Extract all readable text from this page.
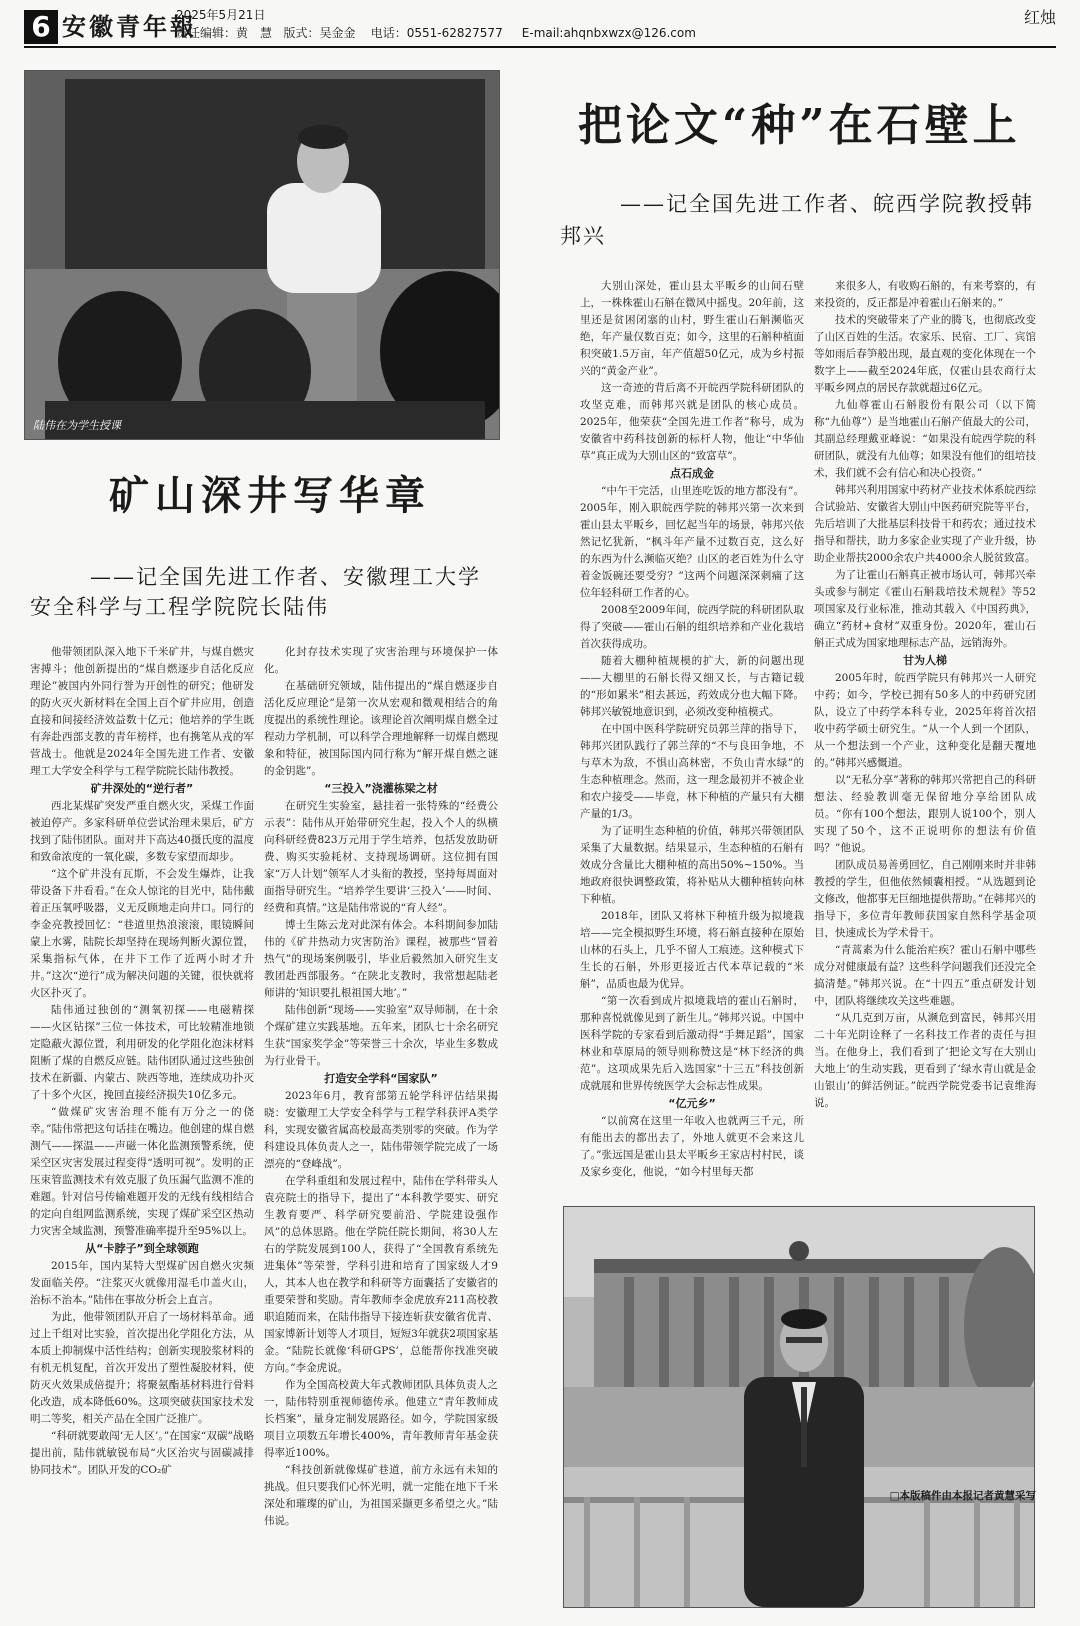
6 安徽青年報
2025年5月21日
责任编辑：黄　慧 版式：吴金金 电话：0551-62827577 E-mail:ahqnbxwzx@126.com
红烛
陆伟在为学生授课
矿山深井写华章
——记全国先进工作者、安徽理工大学安全科学与工程学院院长陆伟

他带领团队深入地下千米矿井，与煤自燃灾害搏斗；他创新提出的“煤自燃逐步自活化反应理论”被国内外同行誉为开创性的研究；他研发的防火灭火新材料在全国上百个矿井应用，创造直接和间接经济效益数十亿元；他培养的学生既有奔赴西部支教的青年榜样，也有携笔从戎的军营战士。他就是2024年全国先进工作者、安徽理工大学安全科学与工程学院院长陆伟教授。

矿井深处的“逆行者”

西北某煤矿突发严重自燃火灾，采煤工作面被迫停产。多家科研单位尝试治理未果后，矿方找到了陆伟团队。面对井下高达40摄氏度的温度和致命浓度的一氧化碳，多数专家望而却步。

“这个矿井没有瓦斯，不会发生爆炸，让我带设备下井看看。”在众人惊诧的目光中，陆伟戴着正压氧呼吸器，义无反顾地走向井口。同行的李金亮教授回忆：“巷道里热浪滚滚，眼镜瞬间蒙上水雾，陆院长却坚持在现场判断火源位置，采集指标气体，在井下工作了近两小时才升井。”这次“逆行”成为解决问题的关键，很快就将火区扑灭了。

陆伟通过独创的“测氧初探——电磁精探——火区钻探”三位一体技术，可比较精准地锁定隐蔽火源位置，利用研发的化学阻化泡沫材料阻断了煤的自燃反应链。陆伟团队通过这些独创技术在新疆、内蒙古、陕西等地，连续成功扑灭了十多个火区，挽回直接经济损失10亿多元。

“做煤矿灾害治理不能有万分之一的侥幸。”陆伟常把这句话挂在嘴边。他创建的煤自燃测气——探温——声磁一体化监测预警系统，使采空区灾害发展过程变得“透明可视”。发明的正压束管监测技术有效克服了负压漏气监测不准的难题。针对信号传输难题开发的无线有线相结合的定向自组网监测系统，实现了煤矿采空区热动力灾害全域监测，预警准确率提升至95%以上。

从“卡脖子”到全球领跑

2015年，国内某特大型煤矿因自燃火灾频发面临关停。“注浆灭火就像用湿毛巾盖火山，治标不治本。”陆伟在事故分析会上直言。

为此，他带领团队开启了一场材料革命。通过上千组对比实验，首次提出化学阻化方法，从本质上抑制煤中活性结构；创新实现胶浆材料的有机无机复配，首次开发出了塑性凝胶材料，使防灭火效果成倍提升；将聚氨酯基材料进行骨料化改造，成本降低60%。这项突破获国家技术发明二等奖，相关产品在全国广泛推广。

“科研就要敢闯‘无人区’。”在国家“双碳”战略提出前，陆伟就敏锐布局“火区治灾与固碳减排协同技术”。团队开发的CO₂矿

化封存技术实现了灾害治理与环境保护一体化。

在基础研究领域，陆伟提出的“煤自燃逐步自活化反应理论”是第一次从宏观和微观相结合的角度提出的系统性理论。该理论首次阐明煤自燃全过程动力学机制，可以科学合理地解释一切煤自燃现象和特征，被国际国内同行称为“解开煤自燃之谜的金钥匙”。

“三投入”浇灌栋梁之材

在研究生实验室，悬挂着一张特殊的“经费公示表”：陆伟从开始带研究生起，投入个人的纵横向科研经费823万元用于学生培养，包括发放助研费、购买实验耗材、支持现场调研。这位拥有国家“万人计划”领军人才头衔的教授，坚持每周面对面指导研究生。“培养学生要讲‘三投入’——时间、经费和真情。”这是陆伟常说的“育人经”。

博士生陈云龙对此深有体会。本科期间参加陆伟的《矿井热动力灾害防治》课程，被那些“冒着热气”的现场案例吸引，毕业后毅然加入研究生支教团赴西部服务。“在陕北支教时，我常想起陆老师讲的‘知识要扎根祖国大地’。”

陆伟创新“现场——实验室”双导师制，在十余个煤矿建立实践基地。五年来，团队七十余名研究生获“国家奖学金”等荣誉三十余次，毕业生多数成为行业骨干。

打造安全学科“国家队”

2023年6月，教育部第五轮学科评估结果揭晓：安徽理工大学安全科学与工程学科获评A类学科，实现安徽省属高校最高类别零的突破。作为学科建设具体负责人之一，陆伟带领学院完成了一场漂亮的“登峰战”。

在学科重组和发展过程中，陆伟在学科带头人袁亮院士的指导下，提出了“本科教学要实、研究生教育要严、科学研究要前沿、学院建设强作风”的总体思路。他在学院任院长期间，将30人左右的学院发展到100人，获得了“全国教育系统先进集体”等荣誉，学科引进和培育了国家级人才9人，其本人也在教学和科研等方面囊括了安徽省的重要荣誉和奖励。青年教师李金虎放弃211高校教职追随而来，在陆伟指导下接连斩获安徽省优青、国家博新计划等人才项目，短短3年就获2项国家基金。“陆院长就像‘科研GPS’，总能帮你找准突破方向。”李金虎说。

作为全国高校黄大年式教师团队具体负责人之一，陆伟特别重视师德传承。他建立“青年教师成长档案”，量身定制发展路径。如今，学院国家级项目立项数五年增长400%，青年教师青年基金获得率近100%。

“科技创新就像煤矿巷道，前方永远有未知的挑战。但只要我们心怀光明，就一定能在地下千米深处和璀璨的矿山，为祖国采撷更多希望之火。”陆伟说。

把论文“种”在石壁上
——记全国先进工作者、皖西学院教授韩邦兴

大别山深处，霍山县太平畈乡的山间石壁上，一株株霍山石斛在微风中摇曳。20年前，这里还是贫困闭塞的山村，野生霍山石斛濒临灭绝，年产量仅数百克；如今，这里的石斛种植面积突破1.5万亩，年产值超50亿元，成为乡村振兴的“黄金产业”。

这一奇迹的背后离不开皖西学院科研团队的攻坚克难，而韩邦兴就是团队的核心成员。2025年，他荣获“全国先进工作者”称号，成为安徽省中药科技创新的标杆人物，他让“中华仙草”真正成为大别山区的“致富草”。

点石成金

“中午干完活，山里连吃饭的地方都没有”。2005年，刚入职皖西学院的韩邦兴第一次来到霍山县太平畈乡，回忆起当年的场景，韩邦兴依然记忆犹新，“枫斗年产量不过数百克，这么好的东西为什么濒临灭绝？山区的老百姓为什么守着金饭碗还要受穷？”这两个问题深深刺痛了这位年轻科研工作者的心。

2008至2009年间，皖西学院的科研团队取得了突破——霍山石斛的组织培养和产业化栽培首次获得成功。

随着大棚种植规模的扩大，新的问题出现——大棚里的石斛长得又细又长，与古籍记载的“形如累米”相去甚远，药效成分也大幅下降。韩邦兴敏锐地意识到，必须改变种植模式。

在中国中医科学院研究员郭兰萍的指导下，韩邦兴团队践行了郭兰萍的“不与良田争地，不与草木为敌，不惧山高林密，不负山青水绿”的生态种植理念。然而，这一理念最初并不被企业和农户接受——毕竟，林下种植的产量只有大棚产量的1/3。

为了证明生态种植的价值，韩邦兴带领团队采集了大量数据。结果显示，生态种植的石斛有效成分含量比大棚种植的高出50%~150%。当地政府很快调整政策，将补贴从大棚种植转向林下种植。

2018年，团队又将林下种植升级为拟境栽培——完全模拟野生环境，将石斛直接种在原始山林的石头上，几乎不留人工痕迹。这种模式下生长的石斛，外形更接近古代本草记载的“米斛”，品质也最为优异。

“第一次看到成片拟境栽培的霍山石斛时，那种喜悦就像见到了新生儿。”韩邦兴说。中国中医科学院的专家看到后激动得“手舞足蹈”，国家林业和草原局的领导则称赞这是“林下经济的典范”。这项成果先后入选国家“十三五”科技创新成就展和世界传统医学大会标志性成果。

“亿元乡”

“以前窝在这里一年收入也就两三千元，所有能出去的都出去了，外地人就更不会来这儿了。”张远国是霍山县太平畈乡王家店村村民，谈及家乡变化，他说，“如今村里每天都

来很多人，有收购石斛的，有来考察的，有来投资的，反正都是冲着霍山石斛来的。”

技术的突破带来了产业的腾飞，也彻底改变了山区百姓的生活。农家乐、民宿、工厂、宾馆等如雨后春笋般出现，最直观的变化体现在一个数字上——截至2024年底，仅霍山县农商行太平畈乡网点的居民存款就超过6亿元。

九仙尊霍山石斛股份有限公司（以下简称“九仙尊”）是当地霍山石斛产值最大的公司，其副总经理戴亚峰说：“如果没有皖西学院的科研团队，就没有九仙尊；如果没有他们的组培技术，我们就不会有信心和决心投资。”

韩邦兴利用国家中药材产业技术体系皖西综合试验站、安徽省大别山中医药研究院等平台，先后培训了大批基层科技骨干和药农；通过技术指导和帮扶，助力多家企业实现了产业升级，协助企业帮扶2000余农户共4000余人脱贫致富。

为了让霍山石斛真正被市场认可，韩邦兴牵头或参与制定《霍山石斛栽培技术规程》等52项国家及行业标准，推动其载入《中国药典》，确立“药材+食材”双重身份。2020年，霍山石斛正式成为国家地理标志产品，远销海外。

甘为人梯

2005年时，皖西学院只有韩邦兴一人研究中药；如今，学校已拥有50多人的中药研究团队，设立了中药学本科专业，2025年将首次招收中药学硕士研究生。“从一个人到一个团队，从一个想法到一个产业，这种变化是翻天覆地的。”韩邦兴感慨道。

以“无私分享”著称的韩邦兴常把自己的科研想法、经验教训毫无保留地分享给团队成员。“你有100个想法，跟别人说100个，别人实现了50个，这不正说明你的想法有价值吗？”他说。

团队成员易善勇回忆，自己刚刚来时并非韩教授的学生，但他依然倾囊相授。“从选题到论文修改，他都事无巨细地提供帮助。”在韩邦兴的指导下，多位青年教师获国家自然科学基金项目，快速成长为学术骨干。

“青蒿素为什么能治疟疾？霍山石斛中哪些成分对健康最有益？这些科学问题我们还没完全搞清楚。”韩邦兴说。在“十四五”重点研发计划中，团队将继续攻关这些难题。

“从几克到万亩，从濒危到富民，韩邦兴用二十年光阴诠释了一名科技工作者的责任与担当。在他身上，我们看到了‘把论文写在大别山大地上’的生动实践，更看到了‘绿水青山就是金山银山’的鲜活例证。”皖西学院党委书记袁维海说。

□本版稿件由本报记者黄慧采写
